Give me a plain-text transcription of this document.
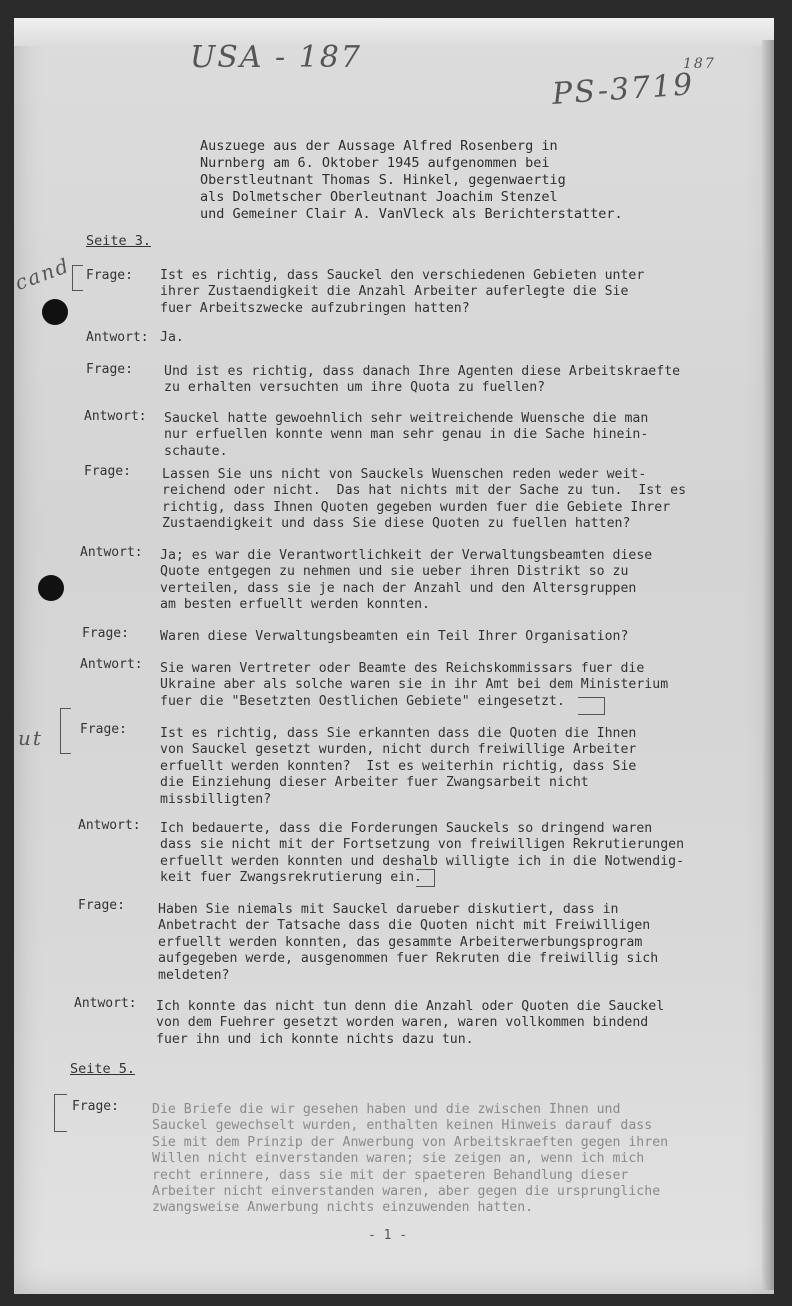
USA - 187
PS-3719
187
cand
ut
Auszuege aus der Aussage Alfred Rosenberg in
Nurnberg am 6. Oktober 1945 aufgenommen bei
Oberstleutnant Thomas S. Hinkel, gegenwaertig
als Dolmetscher Oberleutnant Joachim Stenzel
und Gemeiner Clair A. VanVleck als Berichterstatter.
Seite 3.
Frage: Ist es richtig, dass Sauckel den verschiedenen Gebieten unter
ihrer Zustaendigkeit die Anzahl Arbeiter auferlegte die Sie
fuer Arbeitszwecke aufzubringen hatten?
Antwort: Ja.
Frage: Und ist es richtig, dass danach Ihre Agenten diese Arbeitskraefte
zu erhalten versuchten um ihre Quota zu fuellen?
Antwort: Sauckel hatte gewoehnlich sehr weitreichende Wuensche die man
nur erfuellen konnte wenn man sehr genau in die Sache hinein-
schaute.
Frage: Lassen Sie uns nicht von Sauckels Wuenschen reden weder weit-
reichend oder nicht.  Das hat nichts mit der Sache zu tun.  Ist es
richtig, dass Ihnen Quoten gegeben wurden fuer die Gebiete Ihrer
Zustaendigkeit und dass Sie diese Quoten zu fuellen hatten?
Antwort: Ja; es war die Verantwortlichkeit der Verwaltungsbeamten diese
Quote entgegen zu nehmen und sie ueber ihren Distrikt so zu
verteilen, dass sie je nach der Anzahl und den Altersgruppen
am besten erfuellt werden konnten.
Frage: Waren diese Verwaltungsbeamten ein Teil Ihrer Organisation?
Antwort: Sie waren Vertreter oder Beamte des Reichskommissars fuer die
Ukraine aber als solche waren sie in ihr Amt bei dem Ministerium
fuer die "Besetzten Oestlichen Gebiete" eingesetzt.
Frage:	Ist es richtig, dass Sie erkannten dass die Quoten die Ihnen
von Sauckel gesetzt wurden, nicht durch freiwillige Arbeiter
erfuellt werden konnten?  Ist es weiterhin richtig, dass Sie
die Einziehung dieser Arbeiter fuer Zwangsarbeit nicht
missbilligten?
Antwort: Ich bedauerte, dass die Forderungen Sauckels so dringend waren
dass sie nicht mit der Fortsetzung von freiwilligen Rekrutierungen
erfuellt werden konnten und deshalb willigte ich in die Notwendig-
keit fuer Zwangsrekrutierung ein.
Frage:	Haben Sie niemals mit Sauckel darueber diskutiert, dass in
Anbetracht der Tatsache dass die Quoten nicht mit Freiwilligen
erfuellt werden konnten, das gesammte Arbeiterwerbungsprogram
aufgegeben werde, ausgenommen fuer Rekruten die freiwillig sich
meldeten?
Antwort: Ich konnte das nicht tun denn die Anzahl oder Quoten die Sauckel
von dem Fuehrer gesetzt worden waren, waren vollkommen bindend
fuer ihn und ich konnte nichts dazu tun.
Seite 5.
Frage:	Die Briefe die wir gesehen haben und die zwischen Ihnen und
Sauckel gewechselt wurden, enthalten keinen Hinweis darauf dass
Sie mit dem Prinzip der Anwerbung von Arbeitskraeften gegen ihren
Willen nicht einverstanden waren; sie zeigen an, wenn ich mich
recht erinnere, dass sie mit der spaeteren Behandlung dieser
Arbeiter nicht einverstanden waren, aber gegen die ursprungliche
zwangsweise Anwerbung nichts einzuwenden hatten.
- 1 -
